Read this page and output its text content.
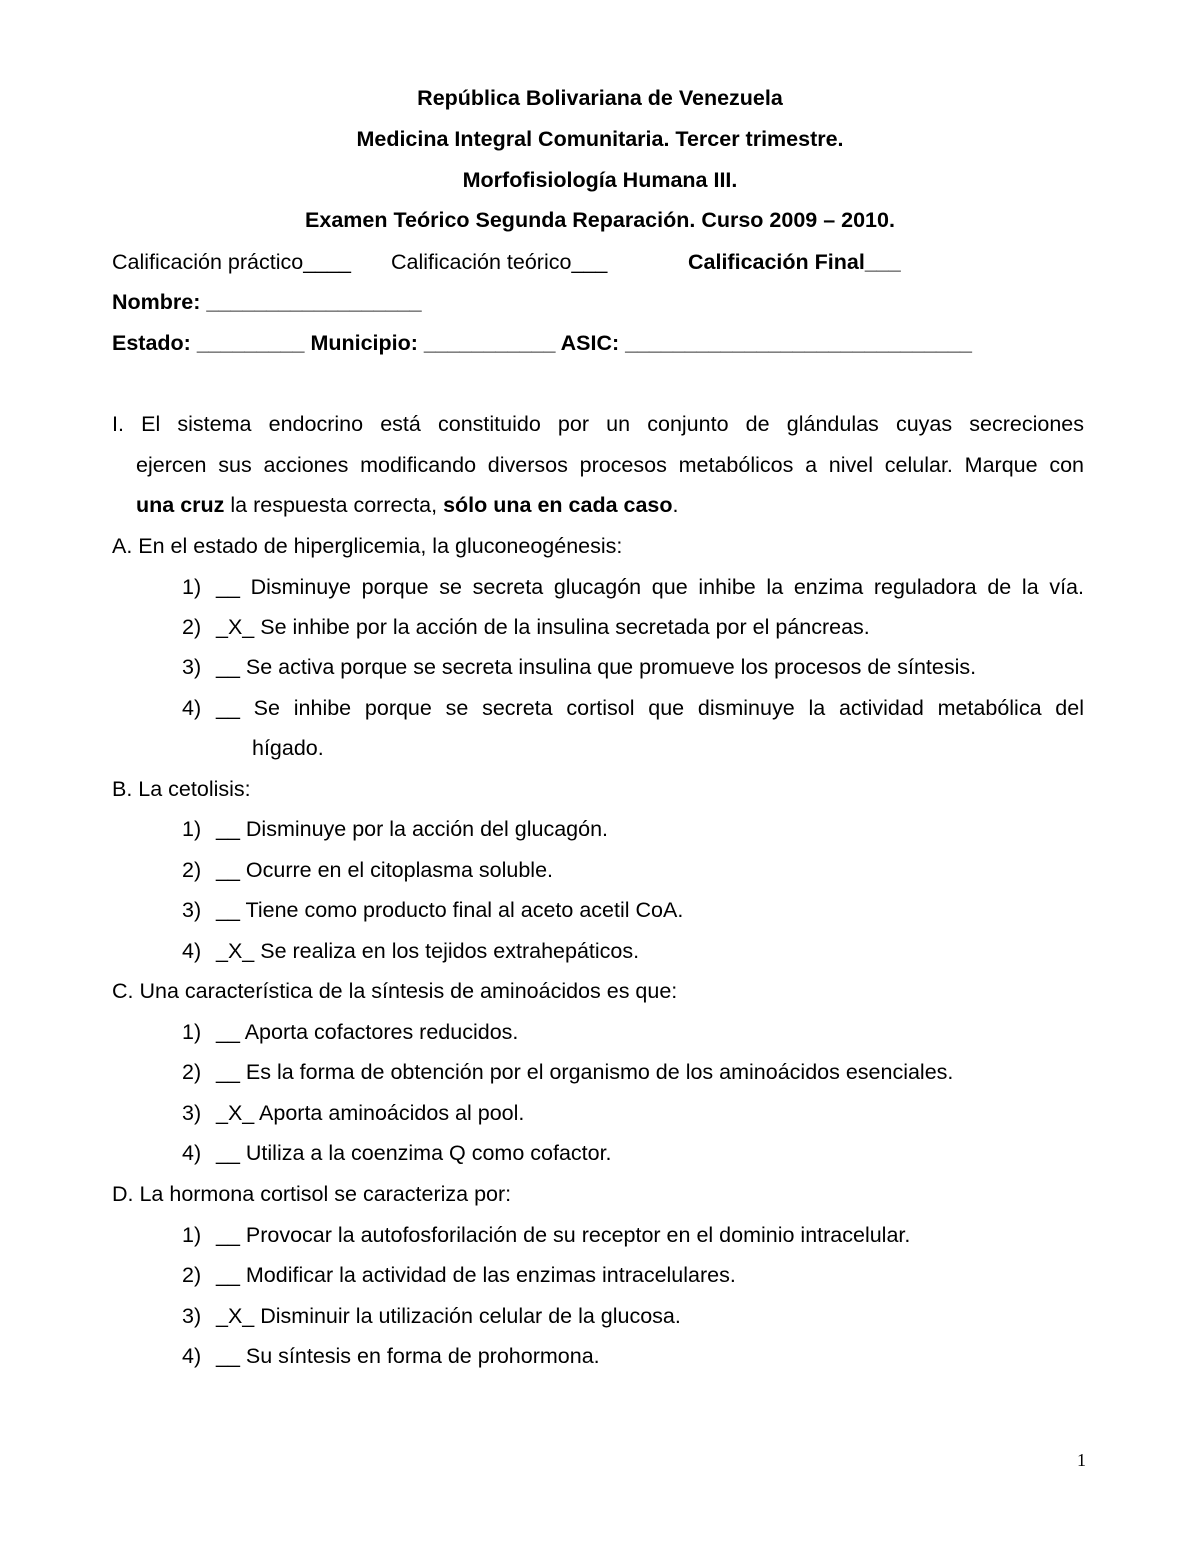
República Bolivariana de Venezuela
Medicina Integral Comunitaria. Tercer trimestre.
Morfofisiología Humana III.
Examen Teórico Segunda Reparación. Curso 2009 – 2010.
Calificación práctico____ Calificación teórico___	Calificación Final___
Nombre: __________________
Estado: _________ Municipio: ___________ ASIC: _____________________________
I. El sistema endocrino está constituido por un conjunto de glándulas cuyas secreciones
ejercen sus acciones modificando diversos procesos metabólicos a nivel celular. Marque con
una cruz la respuesta correcta, sólo una en cada caso.
A. En el estado de hiperglicemia, la gluconeogénesis:
1) __ Disminuye porque se secreta glucagón que inhibe la enzima reguladora de la vía.
2) _X_ Se inhibe por la acción de la insulina secretada por el páncreas.
3) __ Se activa porque se secreta insulina que promueve los procesos de síntesis.
4) __ Se inhibe porque se secreta cortisol que disminuye la actividad metabólica del
hígado.
B. La cetolisis:
1) __ Disminuye por la acción del glucagón.
2) __ Ocurre en el citoplasma soluble.
3) __ Tiene como producto final al aceto acetil CoA.
4) _X_ Se realiza en los tejidos extrahepáticos.
C. Una característica de la síntesis de aminoácidos es que:
1) __ Aporta cofactores reducidos.
2) __ Es la forma de obtención por el organismo de los aminoácidos esenciales.
3) _X_ Aporta aminoácidos al pool.
4) __ Utiliza a la coenzima Q como cofactor.
D. La hormona cortisol se caracteriza por:
1) __ Provocar la autofosforilación de su receptor en el dominio intracelular.
2) __ Modificar la actividad de las enzimas intracelulares.
3) _X_ Disminuir la utilización celular de la glucosa.
4) __ Su síntesis en forma de prohormona.
1
